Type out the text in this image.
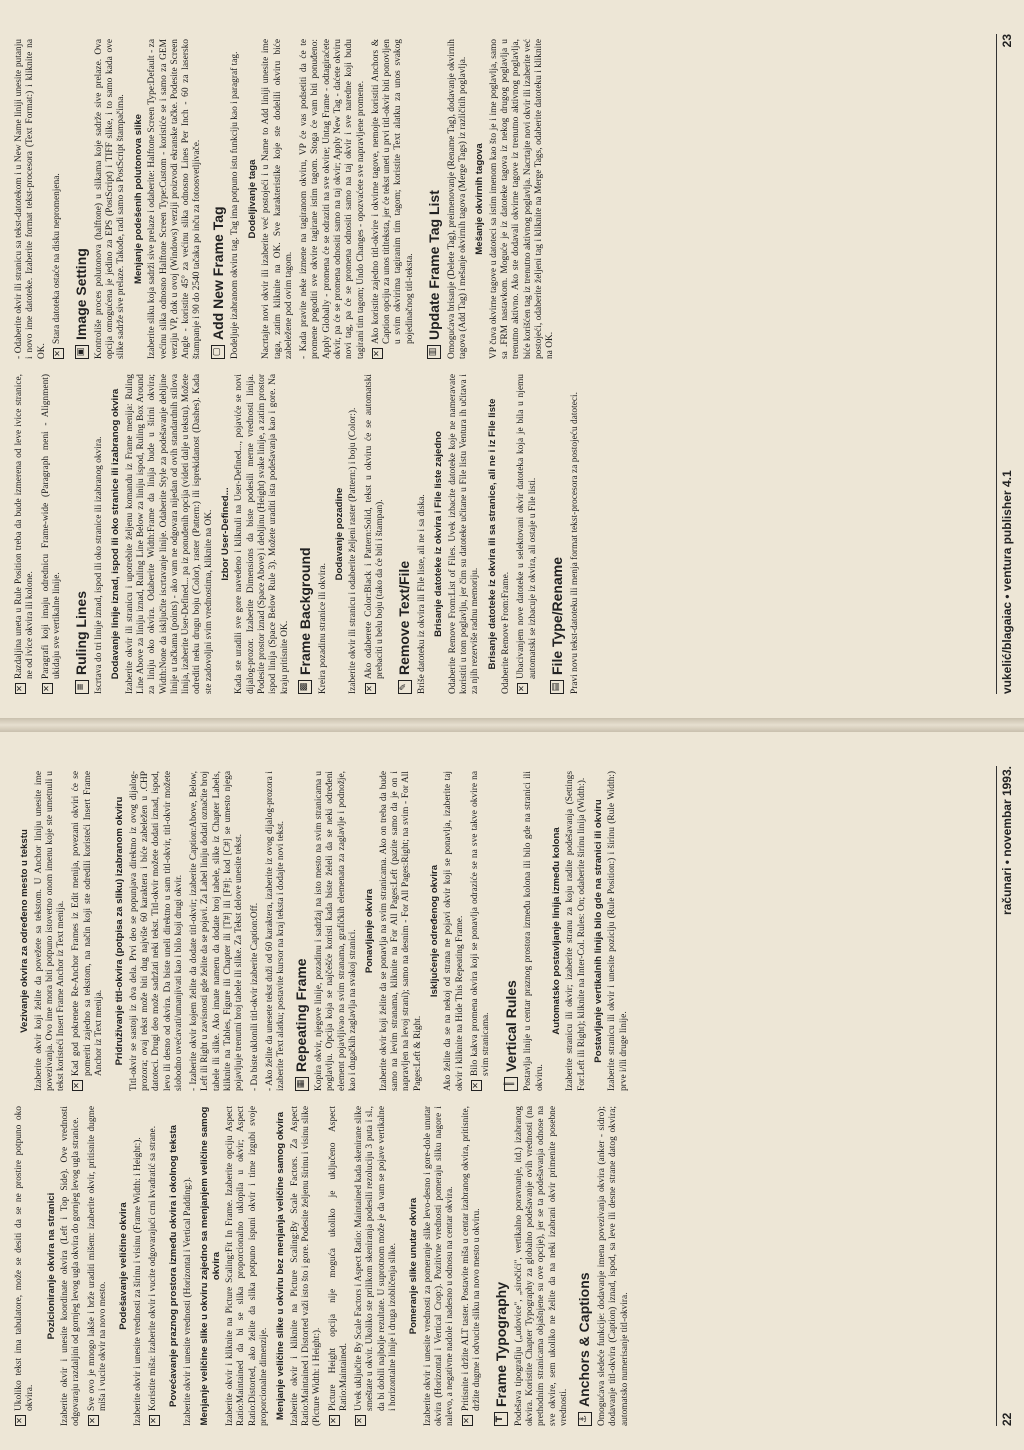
✕

Razdaljina uneta u Rule Position treba da bude izmerena od leve ivice stranice, ne od ivice okvira ili kolone.

✕

Paragrafi koji imaju odrednicu Frame-wide (Paragraph meni - Alignment) ukidaju sve vertikalne linije.

≡
Ruling Lines Iscrtava do tri linije iznad, ispod ili oko stranice ili izabranog okvira. Dodavanje linije iznad, ispod ili oko stranice ili izabranog okvira Izaberite okvir ili stranicu i upotrebite željenu komandu iz Frame menija: Ruling Line Above za liniju iznad, Ruling Line Below za liniju ispod, Ruling Box Around za liniju oko okvira. Odaberite Width:Frame da linija bude u širini okvira; Width:None da isključite iscrtavanje linije. Odaberite Style za podešavanje debljine linije u tačkama (points) - ako vam ne odgovara nijedan od ovih standardnih stilova linija, izaberite User-Defined... pa iz ponuđenih opcija (videti dalje u tekstu). Možete odrediti neku drugu boju (Color), raster (Pattern:) ili isprekidanost (Dashes). Kada ste zadovoljni svim vrednostima, kliknite na OK. Izbor User-Defined... Kada ste uradili sve gore navedeno i kliknuli na User-Defined..., pojaviće se novi dijalog-prozor. Izaberite Dimensions da biste podesili merne vrednosti linija. Podesite prostor iznad (Space Above) i debljinu (Height) svake linije, a zatim prostor ispod linija (Space Below Rule 3). Možete uraditi ista podešavanja kao i gore. Na kraju pritisnite OK. ▩
Frame Background Kreira pozadinu stranice ili okvira.

Dodavanje pozadine Izaberite okvir ili stranicu i odaberite željeni raster (Pattern:) i boju (Color:). ✕

Ako odaberete Color:Black i Pattern:Solid, tekst u okviru će se automatski prebaciti u belu boju (tako da će biti i štampan).

✎
Remove Text/File Briše datoteku iz okvira ili File liste, ali ne i sa diska. Brisanje datoteke iz okvira i File liste zajedno Odaberite Remove From:List of Files. Uvek izbacite datoteke koje ne nameravate koristiti u tom poglavlju, jer čim su datoteke učitane u File listu Ventura ih učitava i za njih rezerviše radnu memoriju. Brisanje datoteke iz okvira ili sa stranice, ali ne i iz File liste Odaberite Remove From:Frame. ✕

Ubacivanjem nove datoteke u selektovani okvir datoteka koja je bila u njemu automatski se izbacuje iz okvira, ali ostaje u File listi.

▤
File Type/Rename Pravi novu tekst-datoteku ili menja format tekst-procesora za postojeću datoteci.

- Odaberite okvir ili stranicu sa tekst-datotekom i u New Name liniji unesite putanju i novo ime datoteke. Izaberite format tekst-procesora (Text Format:) i kliknite na OK. ✕

Stara datoteka ostaće na disku nepromenjena.

▣
Image Setting Kontroliše proces polutonova (halftone) u slikama koje sadrže sive prelaze. Ova opcija omogućena je jedino za EPS (PostScript) i TIFF slike, i to samo kada ove slike sadrže sive prelaze. Takođe, radi samo sa PostScript štampačima. Menjanje podešenih polutonova slike Izaberite sliku koja sadrži sive prelaze i odaberite: Halftone Screen Type:Default - za većinu slika odnosno Halftone Screen Type:Custom - koristiće se i samo za GEM verziju VP, dok u ovoj (Windows) verziji proizvodi ekranske tačke. Podesite Screen Angle - koristite 45° za većinu slika odnosno Lines Per Inch - 60 za lasersko štampanje i 90 do 2540 tačaka po inču za fotoosvetljivače. ▢
Add New Frame Tag Dodeljuje izabranom okviru tag. Tag ima potpuno istu funkciju kao i paragraf tag. Dodeljivanje taga Nacrtajte novi okvir ili izaberite već postojeći i u Name to Add liniji unesite ime taga, zatim kliknite na OK. Sve karakteristike koje ste dodelili okviru biće zabeležene pod ovim tagom. - Kada pravite neke izmene na tagiranom okviru, VP će vas podsetiti da će te promene pogoditi sve okvire tagirane istim tagom. Stoga će vam biti ponuđeno: Apply Globally - promena će se odraziti na sve okvire; Untag Frame - odtagiraćete okvir, pa će se promena odnositi samo na taj okvir; Apply New Tag - daćete okviru novi tag, pa će se promena odnositi samo na taj okvir i sve naredne koji budu tagirani tim tagom; Undo Changes - opozvaćete sve napravljene promene. ✕

Ako koristite zajedno titl-okvire i okvirne tagove, nemojte koristiti Anchors & Caption opciju za unos titlteksta, jer će tekst uneti u prvi titl-okvir biti ponovljen u svim okvirima tagiranim tim tagom; koristite Text alatku za unos svakog pojedinačnog titl-teksta.

▥
Update Frame Tag List Omogućava brisanje (Delete Tag), preimenovanje (Rename Tag), dodavanje okvirnih tagova (Add Tag) i mešanje okvirnih tagova (Merge Tags) iz različitih poglavlja. Mešanje okvirnih tagova VP čuva okvirne tagove u datoteci sa istim imenom kao što je i ime poglavlja, samo sa .FRM nastavkom. Moguće je iz datoteke tagova iz nekog drugog poglavlja u trenutno aktivno. Ako ste dodavali okvirne tagove iz trenutno aktivnog poglavlja, biće korišćen tag iz trenutno aktivnog poglavlja. Nacrtajte novi okvir ili izaberite već postojeći, odaberite željeni tag i kliknite na Merge Tags, odaberite datoteku i kliknite na OK.

vukelić/blagaiac • ventura publisher 4.1
23
✕

Ukoliko tekst ima tabulatore, može se desiti da se ne prostire potpuno oko okvira.

Pozicioniranje okvira na stranici Izaberite okvir i unesite koordinate okvira (Left i Top Side). Ove vrednosti odgovaraju razdaljini od gornjeg levog ugla okvira do gornjeg levog ugla stranice. ✕

Sve ovo je mnogo lakše i brže uraditi mišem: izaberite okvir, pritisnite dugme miša i vucite okvir na novo mesto.

Podešavanje veličine okvira Izaberite okvir i unesite vrednosti za širinu i visinu (Frame Width: i Height:). ✕

Koristite miša: izaberite okvir i vucite odgovarajući crni kvadratić sa strane. Povećavanje praznog prostora između okvira i okolnog teksta Izaberite okvir i unesite vrednosti (Horizontal i Vertical Padding:). Menjanje veličine slike u okviru zajedno sa menjanjem veličine samog okvira Izaberite okvir i kliknite na Picture Scaling:Fit In Frame. Izaberite opciju Aspect Ratio:Maintained da bi se slika proporcionalno uklopila u okvir; Aspect Ratio:Distorted, ako želite da slika potpuno ispuni okvir i time izgubi svoje proporcionalne dimenzije. Menjanje veličine slike u okviru bez menjanja veličine samog okvira Izaberite okvir i kliknite na Picture Scaling:By Scale Factors. Za Aspect Ratio:Maintained i Distorted važi isto što i gore. Podesite željenu širinu i visinu slike (Picture Width: i Height:). ✕

Picture Height opcija nije moguća ukoliko je uključeno Aspect Ratio:Maintained.

✕

Uvek uključite By Scale Factors i Aspect Ratio: Maintained kada skenirane slike smeštate u okvir. Ukoliko ste prilikom skeniranja podesili rezoluciju 3 puta i sl., da bi dobili najbolje rezultate. U suprotnom može je da vam se pojave vertikalne i horizontalne linije i druga izobličenja slike. Pomeranje slike unutar okvira Izaberite okvir i unesite vrednosti za pomeranje slike levo-desno i gore-dole unutar okvira (Horizontal i Vertical Crop:). Pozitivne vrednosti pomeraju sliku nagore i nalevo, a negativne nadole i nadesno u odnosu na centar okvira. ✕

Pritisnite i držite ALT taster. Postavite miša u centar izabranog okvira, pritisnite, držite dugme i odvucite sliku na novo mesto u okviru.

T
Frame Typography Podešava tipografiju („udovice", „siročići", vertikalno poravnanje, itd.) izabranog okvira. Koristite Chapter Typography za globalno podešavanje ovih vrednosti (na prethodnim stranicama objašnjene su ove opcije), jer se ta podešavanja odnose na sve okvire, sem ukoliko ne želite da na neki izabrani okvir primenite posebne vrednosti. ⚓
Anchors & Captions Omogućava sledeće funkcije: dodavanje imena povezivanja okvira (anker - sidro); dodavanje titl-okvira (Caption) iznad, ispod, sa leve ili desne strane datog okvira; automatsko numerisanje titl-okvira.

Vezivanje okvira za određeno mesto u tekstu Izaberite okvir koji želite da povežete sa tekstom. U Anchor liniju unesite ime povezivanja. Ovo ime mora biti potpuno istovetno onom imenu koje ste umetnuli u tekst koristeći Insert Frame Anchor iz Text menija. ✕

Kad god pokrenete Re-Anchor Frames iz Edit menija, povezani okviri će se pomeriti zajedno sa tekstom, na način koji ste odredili koristeći Insert Frame Anchor iz Text menija. Pridruživanje titl-okvira (potpisa za sliku) izabranom okviru Titl-okvir se sastoji iz dva dela. Prvi deo se popunjava direktno iz ovog dijalog-prozora; ovaj tekst može biti dug najviše 60 karaktera i biće zabeležen u .CHP datoteci. Drugi deo može sadržati neki tekst. Titl-okvir možete dodati iznad, ispod, levo ili desno od okvira. Da biste uneli direktno u sam titl-okvir, titl-okvir možete slobodno uvećavati/umanjivati kao i bilo koji drugi okvir. - Izaberite okvir kojem želite da dodate titl-okvir; izaberite Caption:Above, Below, Left ili Right u zavisnosti gde želite da se pojavi. Za Label liniju dodati označite broj tabele ili slike. Ako imate nameru da dodate broj tabele, slike iz Chapter Labels, kliknite na Tables, Figure ili Chapter ili [T#] ili [F#]; kod [C#] se umesto njega pojavljuje trenutni broj tabele ili slike. Za Tekst delove unesite tekst. - Da biste uklonili titl-okvir izaberite Caption:Off. - Ako želite da unesete tekst duži od 60 karaktera, izaberite iz ovog dijalog-prozora i izaberite Text alatku; postavite kursor na kraj teksta i dodajte novi tekst. ▦
Repeating Frame Kopira okvir, njegove linije, pozadinu i sadržaj na isto mesto na svim stranicama u poglavlju. Opcija koja se najčešće koristi kada biste želeli da se neki određeni element pojavljivao na svim stranama, grafičkih elemenata za zaglavlje i podnožje, kao i dugačkih zaglavlja na svakoj stranici. Ponavljanje okvira Izaberite okvir koji želite da se ponavlja na svim stranicama. Ako on treba da bude samo na levim stranama, kliknite na For All Pages:Left (pazite samo da je on i napravljen na levoj strani); samo na desnim - For All Pages:Right; na svim - For All Pages:Left & Right.

Isključenje određenog okvira Ako želite da se na nekoj od strana ne pojavi okvir koji se ponavlja, izaberite taj okvir i kliknite na Hide This Repeating Frame. ✕

Bilo kakva promena okvira koji se ponavlja odraziće se na sve takve okvire na svim stranicama.

║
Vertical Rules Postavlja linije u centar praznog prostora između kolona ili bilo gde na stranici ili okviru.

Automatsko postavljanje linija između kolona Izaberite stranicu ili okvir; izaberite stranu za koju radite podešavanja (Settings For:Left ili Right); kliknite na Inter-Col. Rules: On; odaberite širinu linija (Width:). Postavljanje vertikalnih linija bilo gde na stranici ili okviru Izaberite stranicu ili okvir i unesite poziciju (Rule Position:) i širinu (Rule Width:) prve i/ili druge linije.

22
računari • novembar 1993.
